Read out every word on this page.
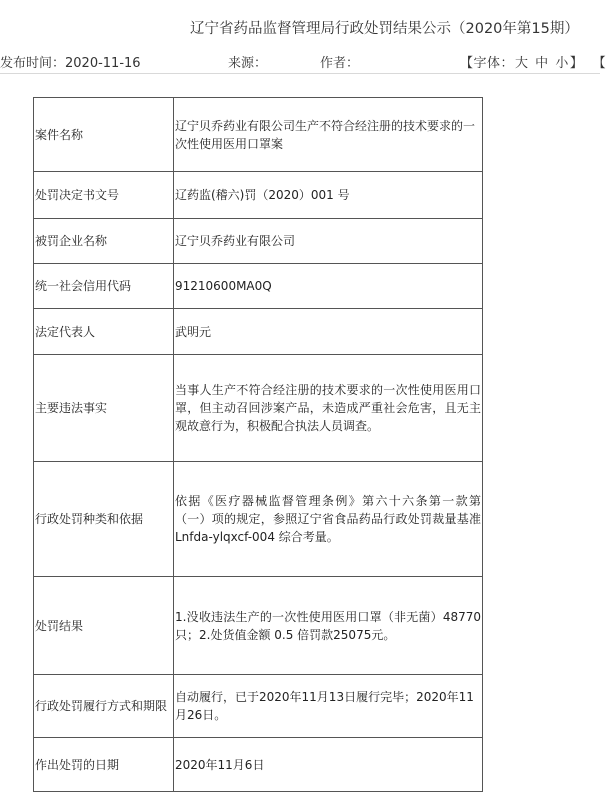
辽宁省药品监督管理局行政处罚结果公示（2020年第15期）
发布时间：2020-11-16	来源：	作者：	【字体：大 中 小】 【
案件名称	辽宁贝乔药业有限公司生产不符合经注册的技术要求的一次性使用医用口罩案
处罚决定书文号	辽药监(稽六)罚（2020）001 号
被罚企业名称	辽宁贝乔药业有限公司
统一社会信用代码	91210600MA0Q
法定代表人	武明元
主要违法事实	当事人生产不符合经注册的技术要求的一次性使用医用口罩，但主动召回涉案产品，未造成严重社会危害，且无主观故意行为，积极配合执法人员调查。
行政处罚种类和依据	依据《医疗器械监督管理条例》第六十六条第一款第（一）项的规定，参照辽宁省食品药品行政处罚裁量基准 Lnfda-ylqxcf-004 综合考量。
处罚结果	1.没收违法生产的一次性使用医用口罩（非无菌）48770 只；2.处货值金额 0.5 倍罚款25075元。
行政处罚履行方式和期限	自动履行，已于2020年11月13日履行完毕；2020年11月26日。
作出处罚的日期	2020年11月6日
